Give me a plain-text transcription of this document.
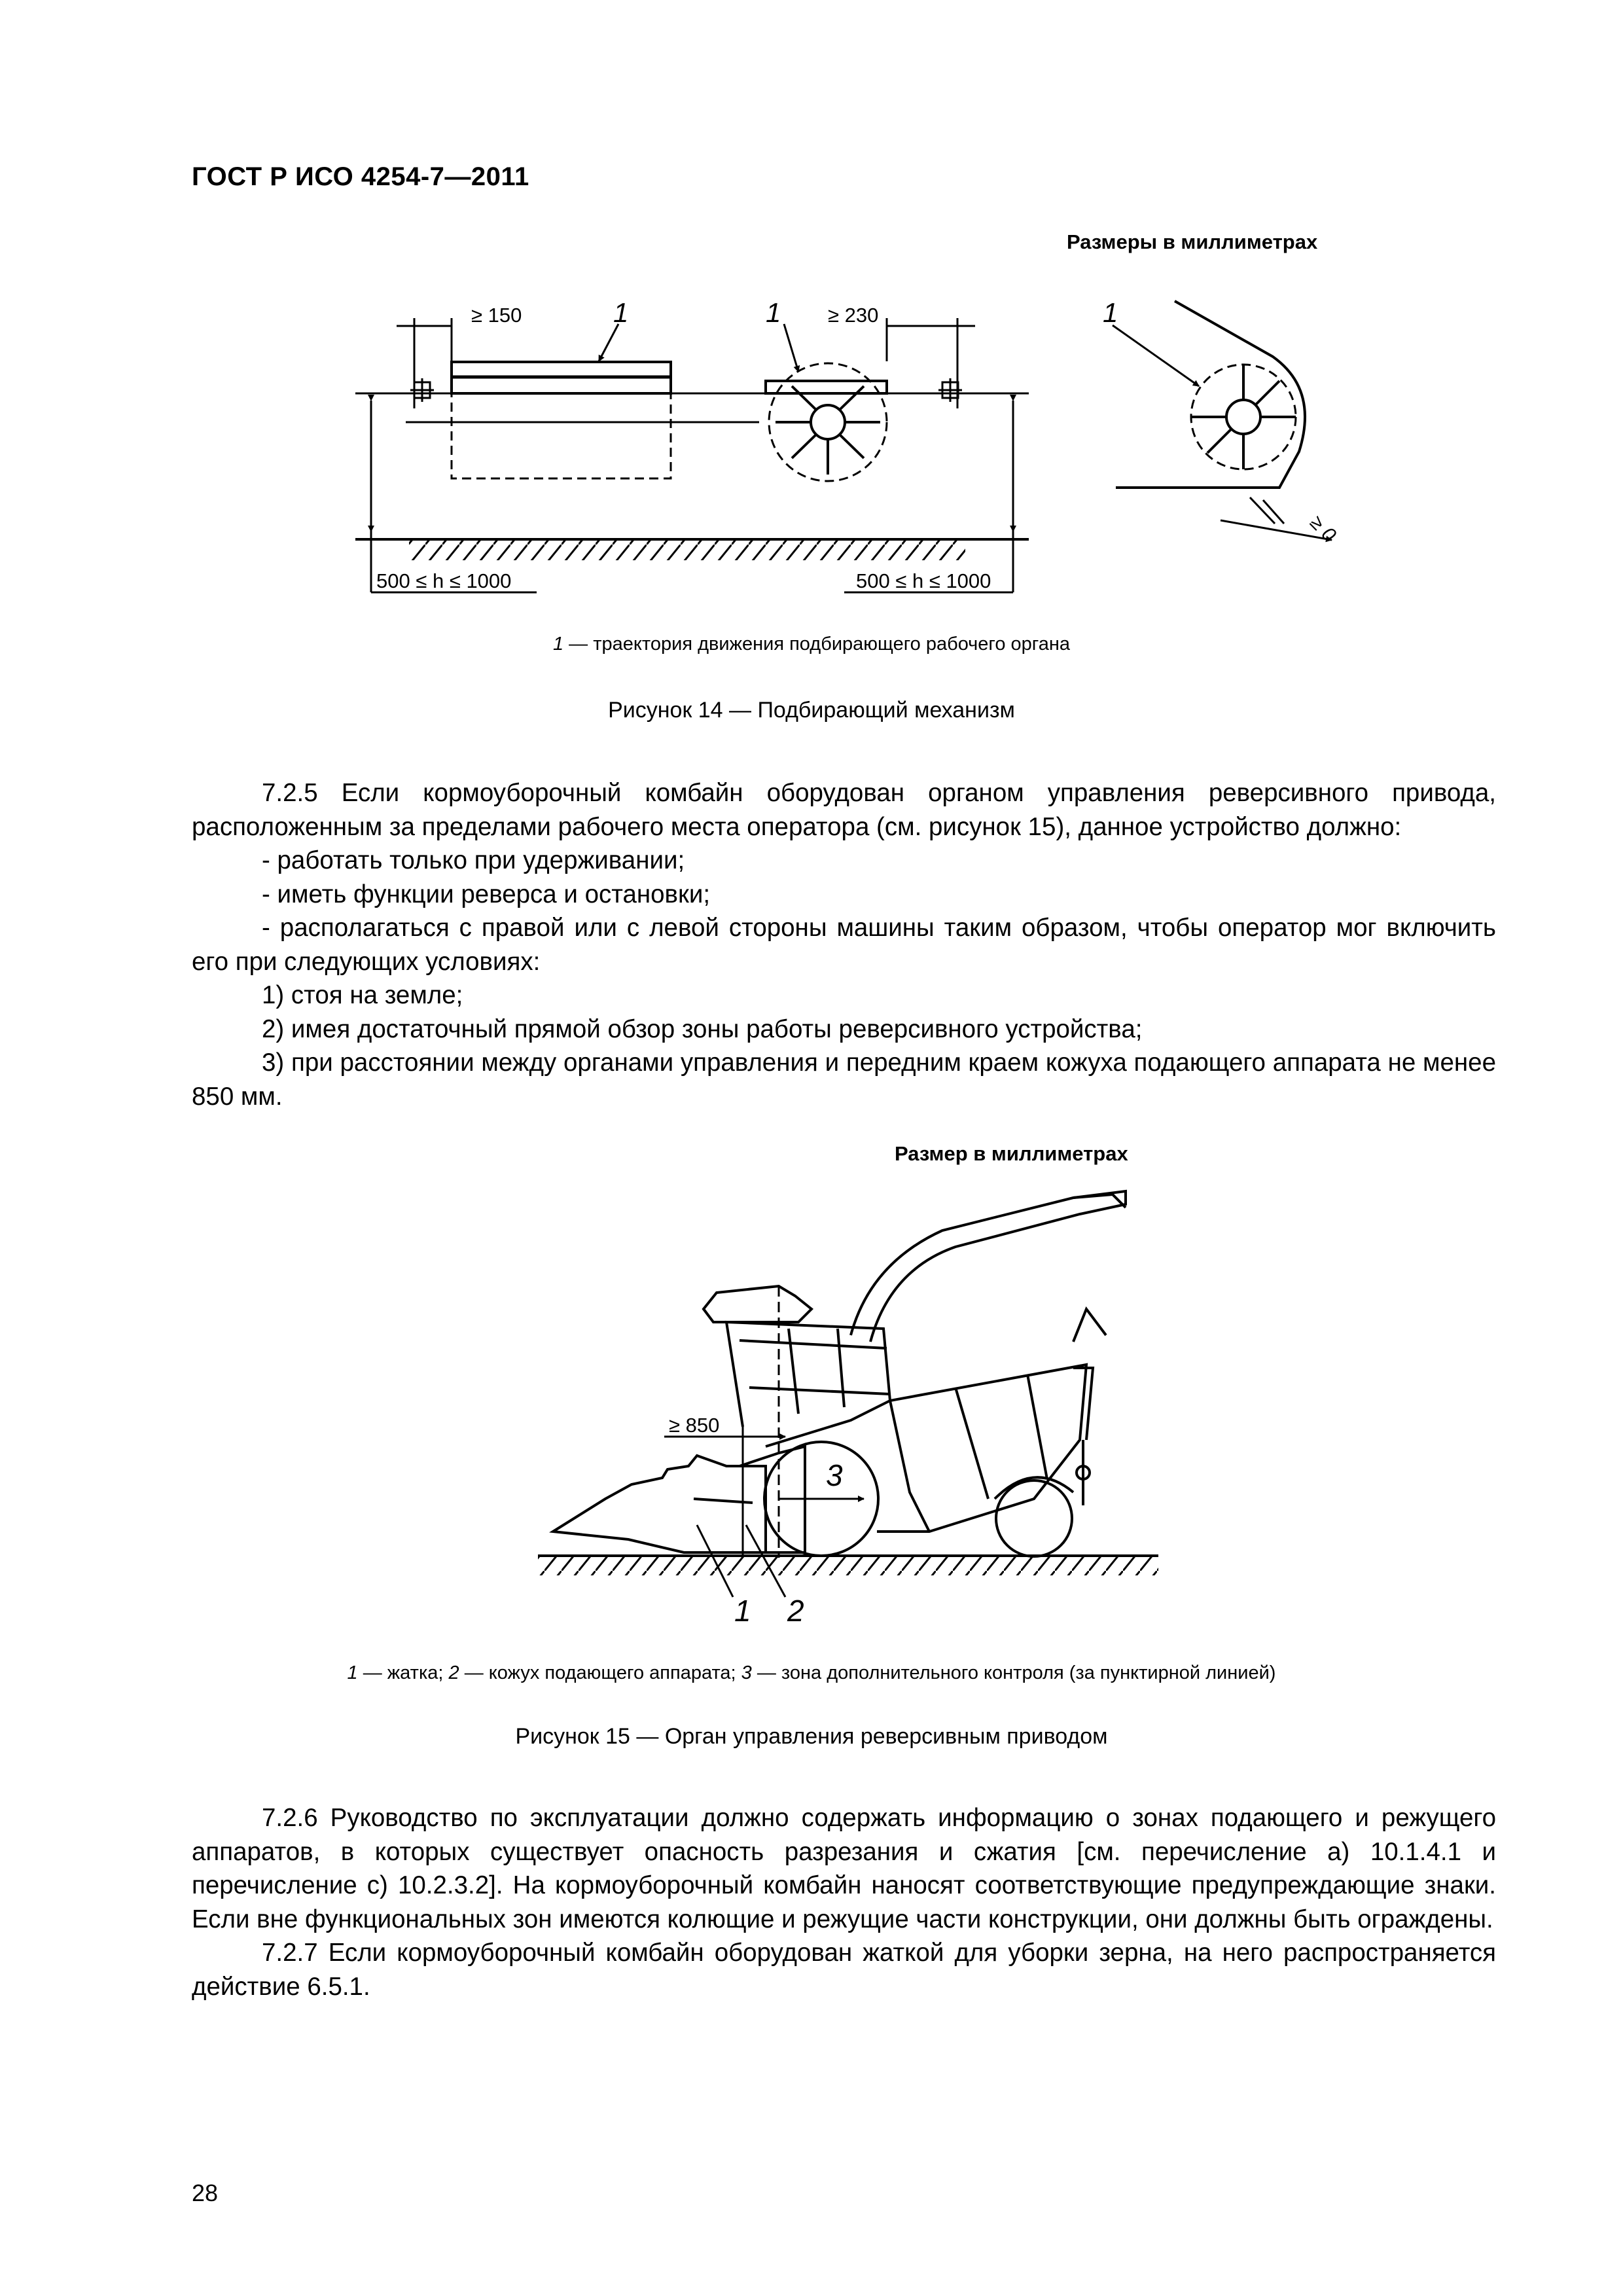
ГОСТ Р ИСО 4254-7—2011
Размеры в миллиметрах
≥ 150	≥ 230
1	1	1
≥ 0
500 ≤ h ≤ 1000	500 ≤ h ≤ 1000
1 — траектория движения подбирающего рабочего органа
Рисунок 14 — Подбирающий механизм

7.2.5 Если кормоуборочный комбайн оборудован органом управления реверсивного привода, расположенным за пределами рабочего места оператора (см. рисунок 15), данное устройство должно:

- работать только при удерживании;

- иметь функции реверса и остановки;

- располагаться с правой или с левой стороны машины таким образом, чтобы оператор мог включить его при следующих условиях:

1) стоя на земле;

2) имея достаточный прямой обзор зоны работы реверсивного устройства;

3) при расстоянии между органами управления и передним краем кожуха подающего аппарата не менее 850 мм.

Размер в миллиметрах
≥ 850
3
1 2
1 — жатка; 2 — кожух подающего аппарата; 3 — зона дополнительного контроля (за пунктирной линией)
Рисунок 15 — Орган управления реверсивным приводом

7.2.6 Руководство по эксплуатации должно содержать информацию о зонах подающего и режущего аппаратов, в которых существует опасность разрезания и сжатия [см. перечисление а) 10.1.4.1 и перечисление с) 10.2.3.2]. На кормоуборочный комбайн наносят соответствующие предупреждающие знаки. Если вне функциональных зон имеются колющие и режущие части конструкции, они должны быть ограждены.

7.2.7 Если кормоуборочный комбайн оборудован жаткой для уборки зерна, на него распространяется действие 6.5.1.

28
